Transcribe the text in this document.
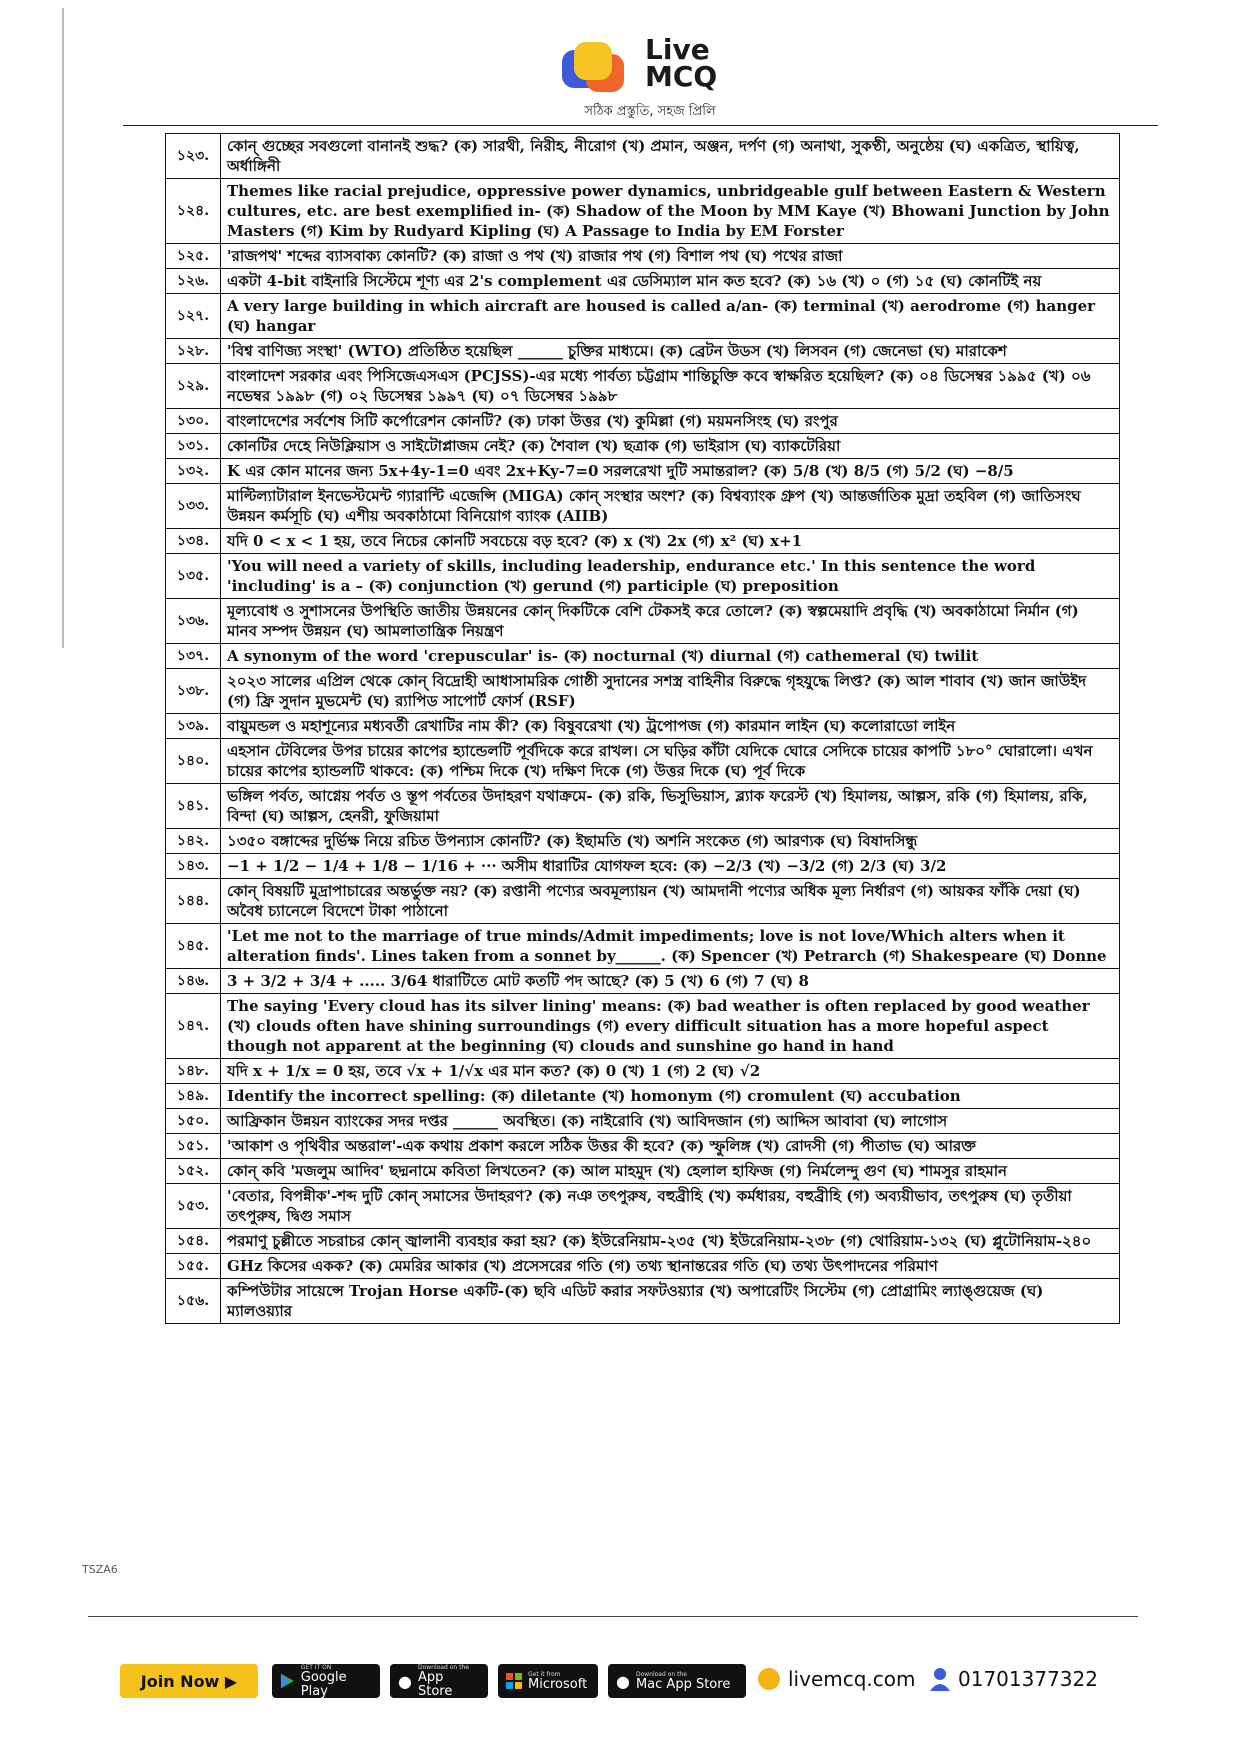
Live
MCQ
সঠিক প্রস্তুতি, সহজ প্রিলি
১২৩.	কোন্‌ গুচ্ছের সবগুলো বানানই শুদ্ধ? (ক) সারথী, নিরীহ, নীরোগ (খ) প্রমান, অঞ্জন, দর্পণ (গ) অনাথা, সুকণ্ঠী, অনুষ্ঠেয় (ঘ) একত্রিত, স্থায়িত্ব, অর্ধাঙ্গিনী
১২৪.	Themes like racial prejudice, oppressive power dynamics, unbridgeable gulf between Eastern & Western cultures, etc. are best exemplified in- (ক) Shadow of the Moon by MM Kaye (খ) Bhowani Junction by John Masters (গ) Kim by Rudyard Kipling (ঘ) A Passage to India by EM Forster
১২৫.	'রাজপথ' শব্দের ব্যাসবাক্য কোনটি? (ক) রাজা ও পথ (খ) রাজার পথ (গ) বিশাল পথ (ঘ) পথের রাজা
১২৬.	একটা 4-bit বাইনারি সিস্টেমে শূণ্য এর 2's complement এর ডেসিম্যাল মান কত হবে? (ক) ১৬ (খ) ০ (গ) ১৫ (ঘ) কোনটিই নয়
১২৭.	A very large building in which aircraft are housed is called a/an- (ক) terminal (খ) aerodrome (গ) hanger (ঘ) hangar
১২৮.	'বিশ্ব বাণিজ্য সংস্থা' (WTO) প্রতিষ্ঠিত হয়েছিল ______ চুক্তির মাধ্যমে। (ক) ব্রেটন উডস (খ) লিসবন (গ) জেনেভা (ঘ) মারাকেশ
১২৯.	বাংলাদেশ সরকার এবং পিসিজেএসএস (PCJSS)-এর মধ্যে পার্বত্য চট্টগ্রাম শান্তিচুক্তি কবে স্বাক্ষরিত হয়েছিল? (ক) ০৪ ডিসেম্বর ১৯৯৫ (খ) ০৬ নভেম্বর ১৯৯৮ (গ) ০২ ডিসেম্বর ১৯৯৭ (ঘ) ০৭ ডিসেম্বর ১৯৯৮
১৩০.	বাংলাদেশের সর্বশেষ সিটি কর্পোরেশন কোনটি? (ক) ঢাকা উত্তর (খ) কুমিল্লা (গ) ময়মনসিংহ (ঘ) রংপুর
১৩১.	কোনটির দেহে নিউক্লিয়াস ও সাইটোপ্লাজম নেই? (ক) শৈবাল (খ) ছত্রাক (গ) ভাইরাস (ঘ) ব্যাকটেরিয়া
১৩২.	K এর কোন মানের জন্য 5x+4y-1=0 এবং 2x+Ky-7=0 সরলরেখা দুটি সমান্তরাল? (ক) 5/8 (খ) 8/5 (গ) 5/2 (ঘ) −8/5
১৩৩.	মাল্টিল্যাটারাল ইনভেস্টমেন্ট গ্যারান্টি এজেন্সি (MIGA) কোন্‌ সংস্থার অংশ? (ক) বিশ্বব্যাংক গ্রুপ (খ) আন্তর্জাতিক মুদ্রা তহবিল (গ) জাতিসংঘ উন্নয়ন কর্মসূচি (ঘ) এশীয় অবকাঠামো বিনিয়োগ ব্যাংক (AIIB)
১৩৪.	যদি 0 < x < 1 হয়, তবে নিচের কোনটি সবচেয়ে বড় হবে? (ক) x (খ) 2x (গ) x² (ঘ) x+1
১৩৫.	'You will need a variety of skills, including leadership, endurance etc.' In this sentence the word 'including' is a – (ক) conjunction (খ) gerund (গ) participle (ঘ) preposition
১৩৬.	মূল্যবোধ ও সুশাসনের উপস্থিতি জাতীয় উন্নয়নের কোন্‌ দিকটিকে বেশি টেকসই করে তোলে? (ক) স্বল্পমেয়াদি প্রবৃদ্ধি (খ) অবকাঠামো নির্মান (গ) মানব সম্পদ উন্নয়ন (ঘ) আমলাতান্ত্রিক নিয়ন্ত্রণ
১৩৭.	A synonym of the word 'crepuscular' is- (ক) nocturnal (খ) diurnal (গ) cathemeral (ঘ) twilit
১৩৮.	২০২৩ সালের এপ্রিল থেকে কোন্‌ বিদ্রোহী আধাসামরিক গোষ্ঠী সুদানের সশস্ত্র বাহিনীর বিরুদ্ধে গৃহযুদ্ধে লিপ্ত? (ক) আল শাবাব (খ) জান জাউইদ (গ) ফ্রি সুদান মুভমেন্ট (ঘ) র‍্যাপিড সাপোর্ট ফোর্স (RSF)
১৩৯.	বায়ুমন্ডল ও মহাশূন্যের মধ্যবর্তী রেখাটির নাম কী? (ক) বিষুবরেখা (খ) ট্রপোপজ (গ) কারমান লাইন (ঘ) কলোরাডো লাইন
১৪০.	এহসান টেবিলের উপর চায়ের কাপের হ্যান্ডেলটি পূর্বদিকে করে রাখল। সে ঘড়ির কাঁটা যেদিকে ঘোরে সেদিকে চায়ের কাপটি ১৮০° ঘোরালো। এখন চায়ের কাপের হ্যান্ডলটি থাকবে: (ক) পশ্চিম দিকে (খ) দক্ষিণ দিকে (গ) উত্তর দিকে (ঘ) পূর্ব দিকে
১৪১.	ভঙ্গিল পর্বত, আগ্নেয় পর্বত ও স্তূপ পর্বতের উদাহরণ যথাক্রমে- (ক) রকি, ভিসুভিয়াস, ব্ল্যাক ফরেস্ট (খ) হিমালয়, আল্পস, রকি (গ) হিমালয়, রকি, বিন্দা (ঘ) আল্পস, হেনরী, ফুজিয়ামা
১৪২.	১৩৫০ বঙ্গাব্দের দুর্ভিক্ষ নিয়ে রচিত উপন্যাস কোনটি? (ক) ইছামতি (খ) অশনি সংকেত (গ) আরণ্যক (ঘ) বিষাদসিন্ধু
১৪৩.	−1 + 1/2 − 1/4 + 1/8 − 1/16 + ··· অসীম ধারাটির যোগফল হবে: (ক) −2/3 (খ) −3/2 (গ) 2/3 (ঘ) 3/2
১৪৪.	কোন্‌ বিষয়টি মুদ্রাপাচারের অন্তর্ভুক্ত নয়? (ক) রপ্তানী পণ্যের অবমূল্যায়ন (খ) আমদানী পণ্যের অধিক মূল্য নির্ধারণ (গ) আয়কর ফাঁকি দেয়া (ঘ) অবৈধ চ্যানেলে বিদেশে টাকা পাঠানো
১৪৫.	'Let me not to the marriage of true minds/Admit impediments; love is not love/Which alters when it alteration finds'. Lines taken from a sonnet by______. (ক) Spencer (খ) Petrarch (গ) Shakespeare (ঘ) Donne
১৪৬.	3 + 3/2 + 3/4 + ..... 3/64 ধারাটিতে মোট কতটি পদ আছে? (ক) 5 (খ) 6 (গ) 7 (ঘ) 8
১৪৭.	The saying 'Every cloud has its silver lining' means: (ক) bad weather is often replaced by good weather (খ) clouds often have shining surroundings (গ) every difficult situation has a more hopeful aspect though not apparent at the beginning (ঘ) clouds and sunshine go hand in hand
১৪৮.	যদি x + 1/x = 0 হয়, তবে √x + 1/√x এর মান কত? (ক) 0 (খ) 1 (গ) 2 (ঘ) √2
১৪৯.	Identify the incorrect spelling: (ক) diletante (খ) homonym (গ) cromulent (ঘ) accubation
১৫০.	আফ্রিকান উন্নয়ন ব্যাংকের সদর দপ্তর ______ অবস্থিত। (ক) নাইরোবি (খ) আবিদজান (গ) আদ্দিস আবাবা (ঘ) লাগোস
১৫১.	'আকাশ ও পৃথিবীর অন্তরাল'-এক কথায় প্রকাশ করলে সঠিক উত্তর কী হবে? (ক) স্ফুলিঙ্গ (খ) রোদসী (গ) পীতাভ (ঘ) আরক্ত
১৫২.	কোন্‌ কবি 'মজলুম আদিব' ছদ্মনামে কবিতা লিখতেন? (ক) আল মাহমুদ (খ) হেলাল হাফিজ (গ) নির্মলেন্দু গুণ (ঘ) শামসুর রাহমান
১৫৩.	'বেতার, বিপন্নীক'-শব্দ দুটি কোন্‌ সমাসের উদাহরণ? (ক) নঞ তৎপুরুষ, বহুব্রীহি (খ) কর্মধারয়, বহুব্রীহি (গ) অব্যয়ীভাব, তৎপুরুষ (ঘ) তৃতীয়া তৎপুরুষ, দ্বিগু সমাস
১৫৪.	পরমাণু চুল্লীতে সচরাচর কোন্‌ জ্বালানী ব্যবহার করা হয়? (ক) ইউরেনিয়াম-২৩৫ (খ) ইউরেনিয়াম-২৩৮ (গ) থোরিয়াম-১৩২ (ঘ) প্লুটোনিয়াম-২৪০
১৫৫.	GHz কিসের একক? (ক) মেমরির আকার (খ) প্রসেসরের গতি (গ) তথ্য স্থানান্তরের গতি (ঘ) তথ্য উৎপাদনের পরিমাণ
১৫৬.	কম্পিউটার সায়েন্সে Trojan Horse একটি-(ক) ছবি এডিট করার সফটওয়্যার (খ) অপারেটিং সিস্টেম (গ) প্রোগ্রামিং ল্যাঙ্গুয়েজ (ঘ) ম্যালওয়্যার
TSZA6
Join Now ▶
GET IT ON
Google Play
●
Download on the
App Store
Get it from
Microsoft ● Download on the
Mac App Store	livemcq.com 01701377322
